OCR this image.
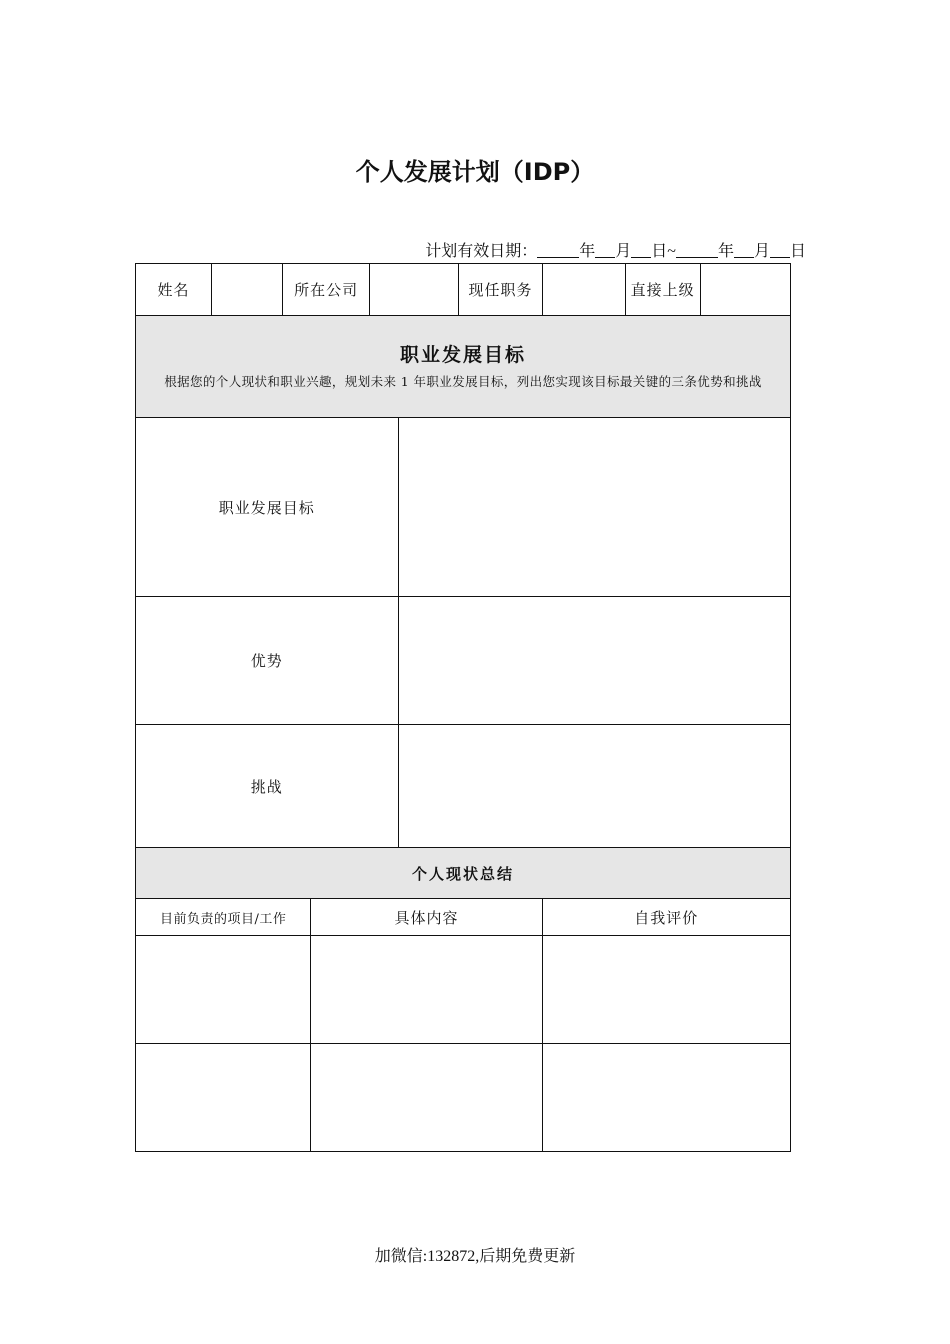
个人发展计划（IDP）
计划有效日期：	年 月 日~	年 月 日
姓名		所在公司				现任职务		直接上级	

职业发展目标
根据您的个人现状和职业兴趣，规划未来 1 年职业发展目标，列出您实现该目标最关键的三条优势和挑战									

职业发展目标									
优势									
挑战									
个人现状总结									
目前负责的项目/工作			具体内容				自我评价		

加微信:132872,后期免费更新
